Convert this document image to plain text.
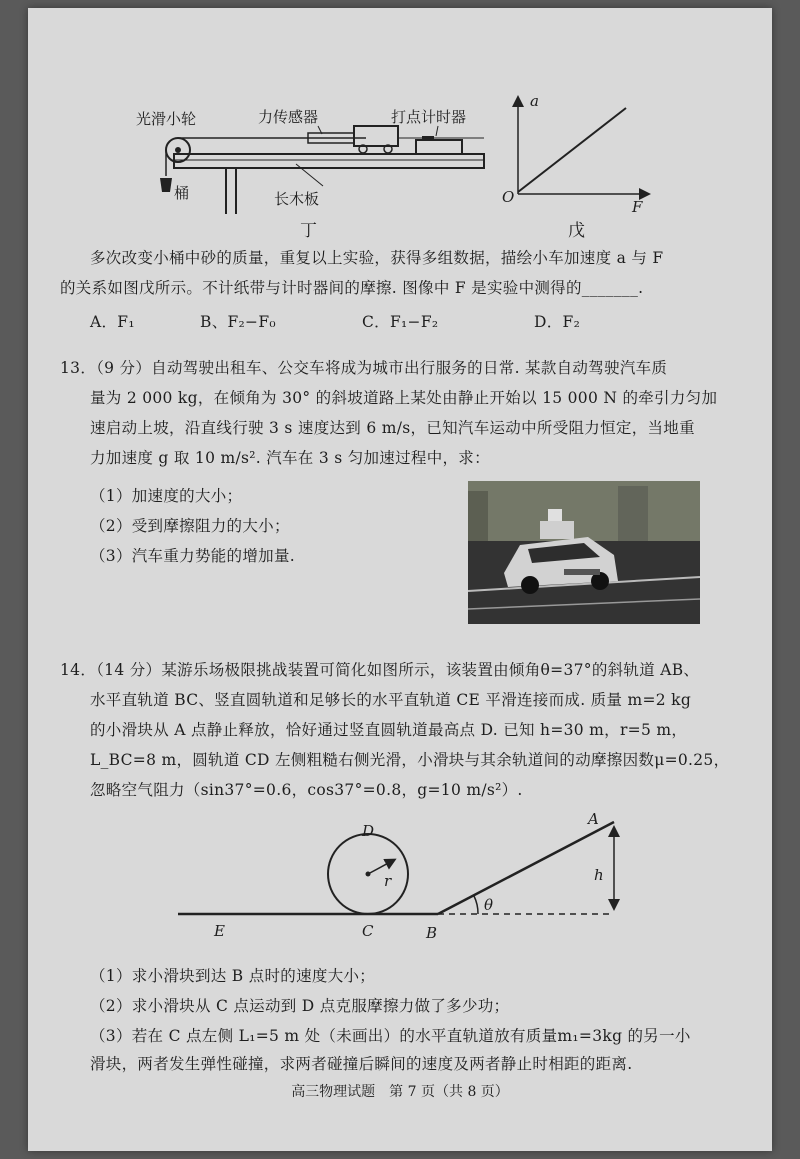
光滑小轮	力传感器	打点计时器
桶	长木板
丁
a
F
O
戊
多次改变小桶中砂的质量，重复以上实验，获得多组数据，描绘小车加速度 a 与 F
的关系如图戊所示。不计纸带与计时器间的摩擦. 图像中 F 是实验中测得的_______.
A．F₁	B、F₂−F₀	C．F₁−F₂	D．F₂
13．（9 分）自动驾驶出租车、公交车将成为城市出行服务的日常. 某款自动驾驶汽车质
量为 2 000 kg，在倾角为 30° 的斜坡道路上某处由静止开始以 15 000 N 的牵引力匀加
速启动上坡，沿直线行驶 3 s 速度达到 6 m/s，已知汽车运动中所受阻力恒定，当地重
力加速度 g 取 10 m/s². 汽车在 3 s 匀加速过程中，求：
（1）加速度的大小；
（2）受到摩擦阻力的大小；
（3）汽车重力势能的增加量.
14．（14 分）某游乐场极限挑战装置可简化如图所示，该装置由倾角θ=37°的斜轨道 AB、
水平直轨道 BC、竖直圆轨道和足够长的水平直轨道 CE 平滑连接而成. 质量 m=2 kg
的小滑块从 A 点静止释放，恰好通过竖直圆轨道最高点 D. 已知 h=30 m，r=5 m，
L_BC=8 m，圆轨道 CD 左侧粗糙右侧光滑，小滑块与其余轨道间的动摩擦因数μ=0.25，
忽略空气阻力（sin37°=0.6，cos37°=0.8，g=10 m/s²）.
D
r
A
h
θ
E	C	B
（1）求小滑块到达 B 点时的速度大小；
（2）求小滑块从 C 点运动到 D 点克服摩擦力做了多少功；
（3）若在 C 点左侧 L₁=5 m 处（未画出）的水平直轨道放有质量m₁=3kg 的另一小
滑块，两者发生弹性碰撞，求两者碰撞后瞬间的速度及两者静止时相距的距离.
高三物理试题　第 7 页（共 8 页）
